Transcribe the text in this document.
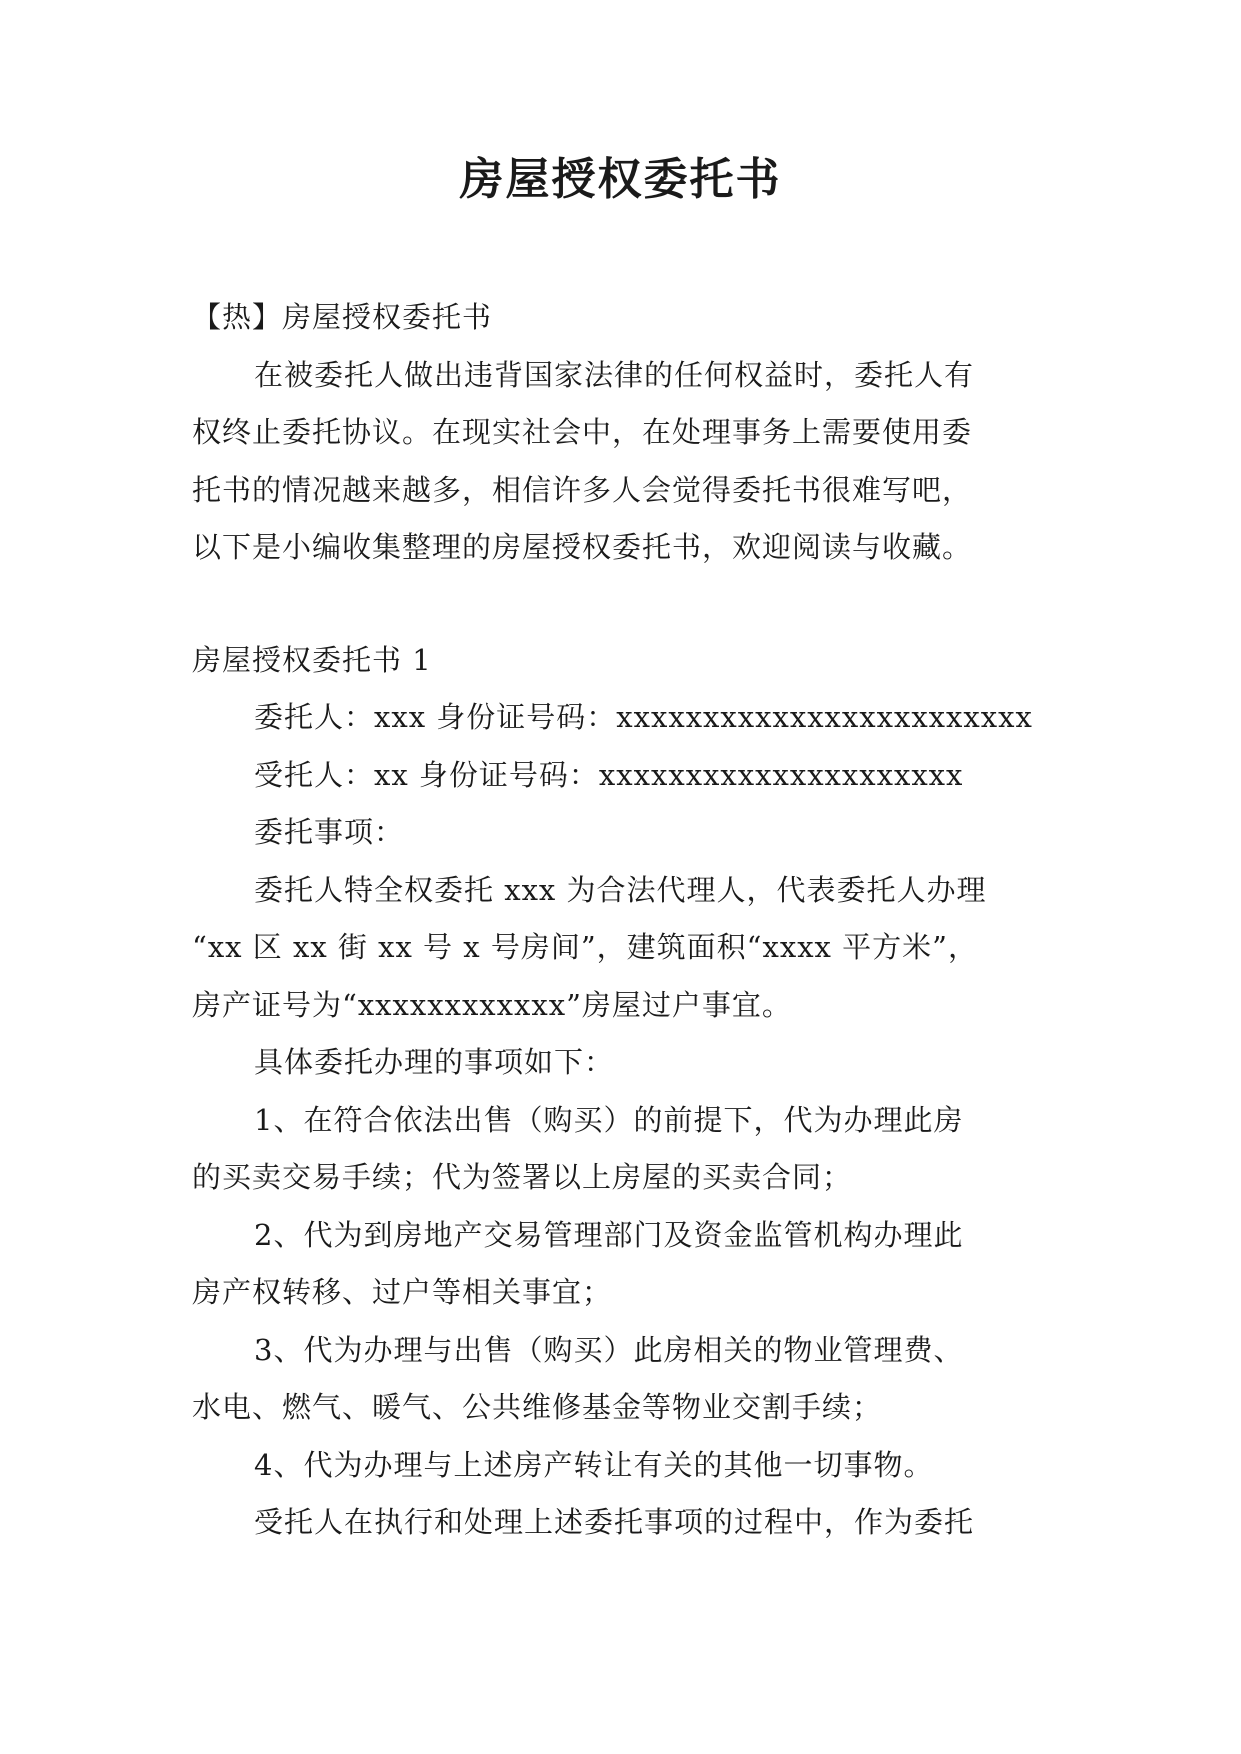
房屋授权委托书
【热】房屋授权委托书
在被委托人做出违背国家法律的任何权益时，委托人有
权终止委托协议。在现实社会中，在处理事务上需要使用委
托书的情况越来越多，相信许多人会觉得委托书很难写吧，
以下是小编收集整理的房屋授权委托书，欢迎阅读与收藏。
房屋授权委托书 1
委托人：xxx 身份证号码：xxxxxxxxxxxxxxxxxxxxxxxx
受托人：xx 身份证号码：xxxxxxxxxxxxxxxxxxxxx
委托事项：
委托人特全权委托 xxx 为合法代理人，代表委托人办理
“xx 区 xx 街 xx 号 x 号房间”，建筑面积“xxxx 平方米”，
房产证号为“xxxxxxxxxxxx”房屋过户事宜。
具体委托办理的事项如下：
1、在符合依法出售（购买）的前提下，代为办理此房
的买卖交易手续；代为签署以上房屋的买卖合同；
2、代为到房地产交易管理部门及资金监管机构办理此
房产权转移、过户等相关事宜；
3、代为办理与出售（购买）此房相关的物业管理费、
水电、燃气、暖气、公共维修基金等物业交割手续；
4、代为办理与上述房产转让有关的其他一切事物。
受托人在执行和处理上述委托事项的过程中，作为委托
